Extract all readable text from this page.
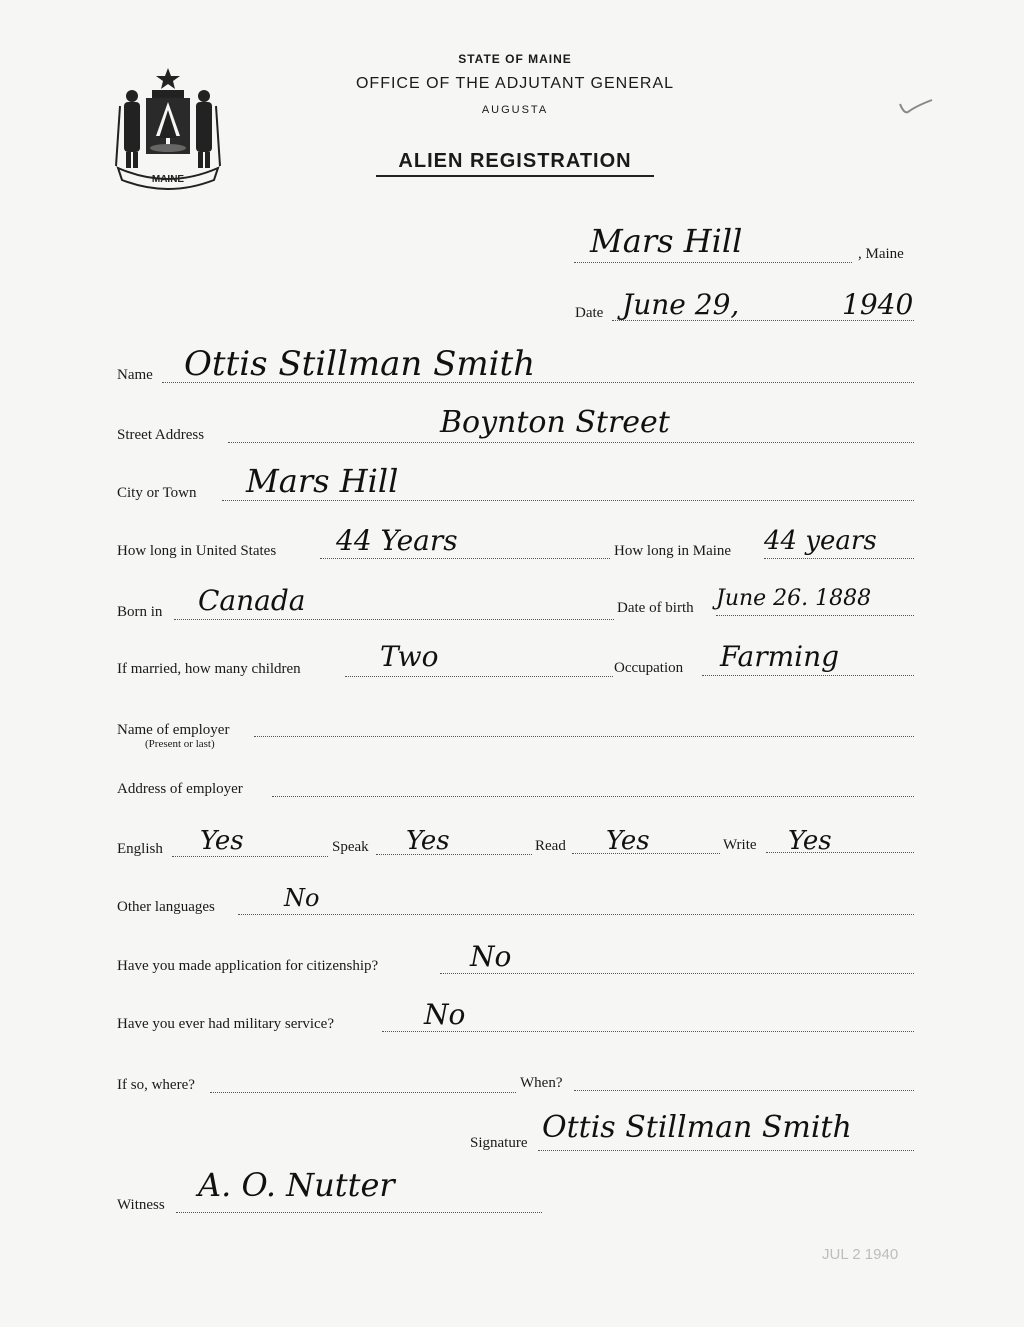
MAINE
STATE OF MAINE
OFFICE OF THE ADJUTANT GENERAL
AUGUSTA
ALIEN REGISTRATION
Mars Hill	, Maine
Date June 29,	1940
Name Ottis Stillman Smith
Street Address	Boynton Street
City or Town Mars Hill
How long in United States 44 Years	How long in Maine 44 years
Born in Canada	Date of birth June 26. 1888
If married, how many children	Two	Occupation Farming
Name of employer
(Present or last)
Address of employer
English Yes	Speak Yes	Read Yes	Write Yes
Other languages	No
Have you made application for citizenship?	No
Have you ever had military service?	No
If so, where?	When?
Signature Ottis Stillman Smith
Witness
A. O. Nutter
JUL 2 1940
